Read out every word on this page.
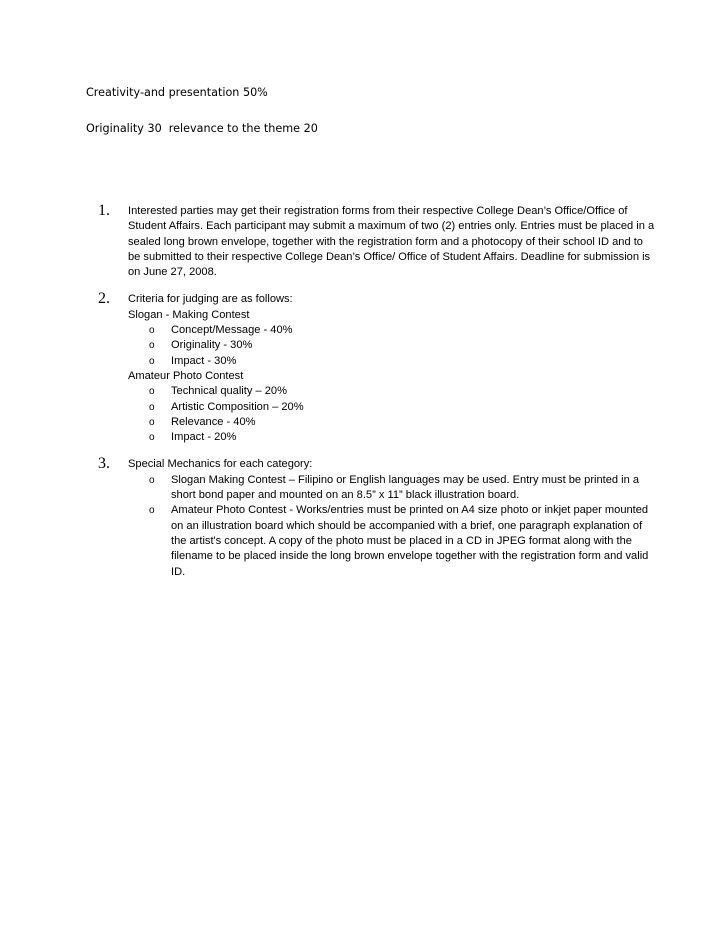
Creativity-and presentation 50%
Originality 30  relevance to the theme 20
1. Interested parties may get their registration forms from their respective College Dean’s Office/Office of Student Affairs. Each participant may submit a maximum of two (2) entries only. Entries must be placed in a sealed long brown envelope, together with the registration form and a photocopy of their school ID and to be submitted to their respective College Dean’s Office/ Office of Student Affairs. Deadline for submission is on June 27, 2008.

2. Criteria for judging are as follows:
Slogan - Making Contest
o Concept/Message - 40%
o Originality - 30%
o Impact - 30%
Amateur Photo Contest
o Technical quality – 20%
o Artistic Composition – 20%
o Relevance - 40%
o Impact - 20%
3. Special Mechanics for each category:
o Slogan Making Contest – Filipino or English languages may be used. Entry must be printed in a short bond paper and mounted on an 8.5” x 11” black illustration board.
o Amateur Photo Contest - Works/entries must be printed on A4 size photo or inkjet paper mounted on an illustration board which should be accompanied with a brief, one paragraph explanation of the artist's concept. A copy of the photo must be placed in a CD in JPEG format along with the filename to be placed inside the long brown envelope together with the registration form and valid ID.
